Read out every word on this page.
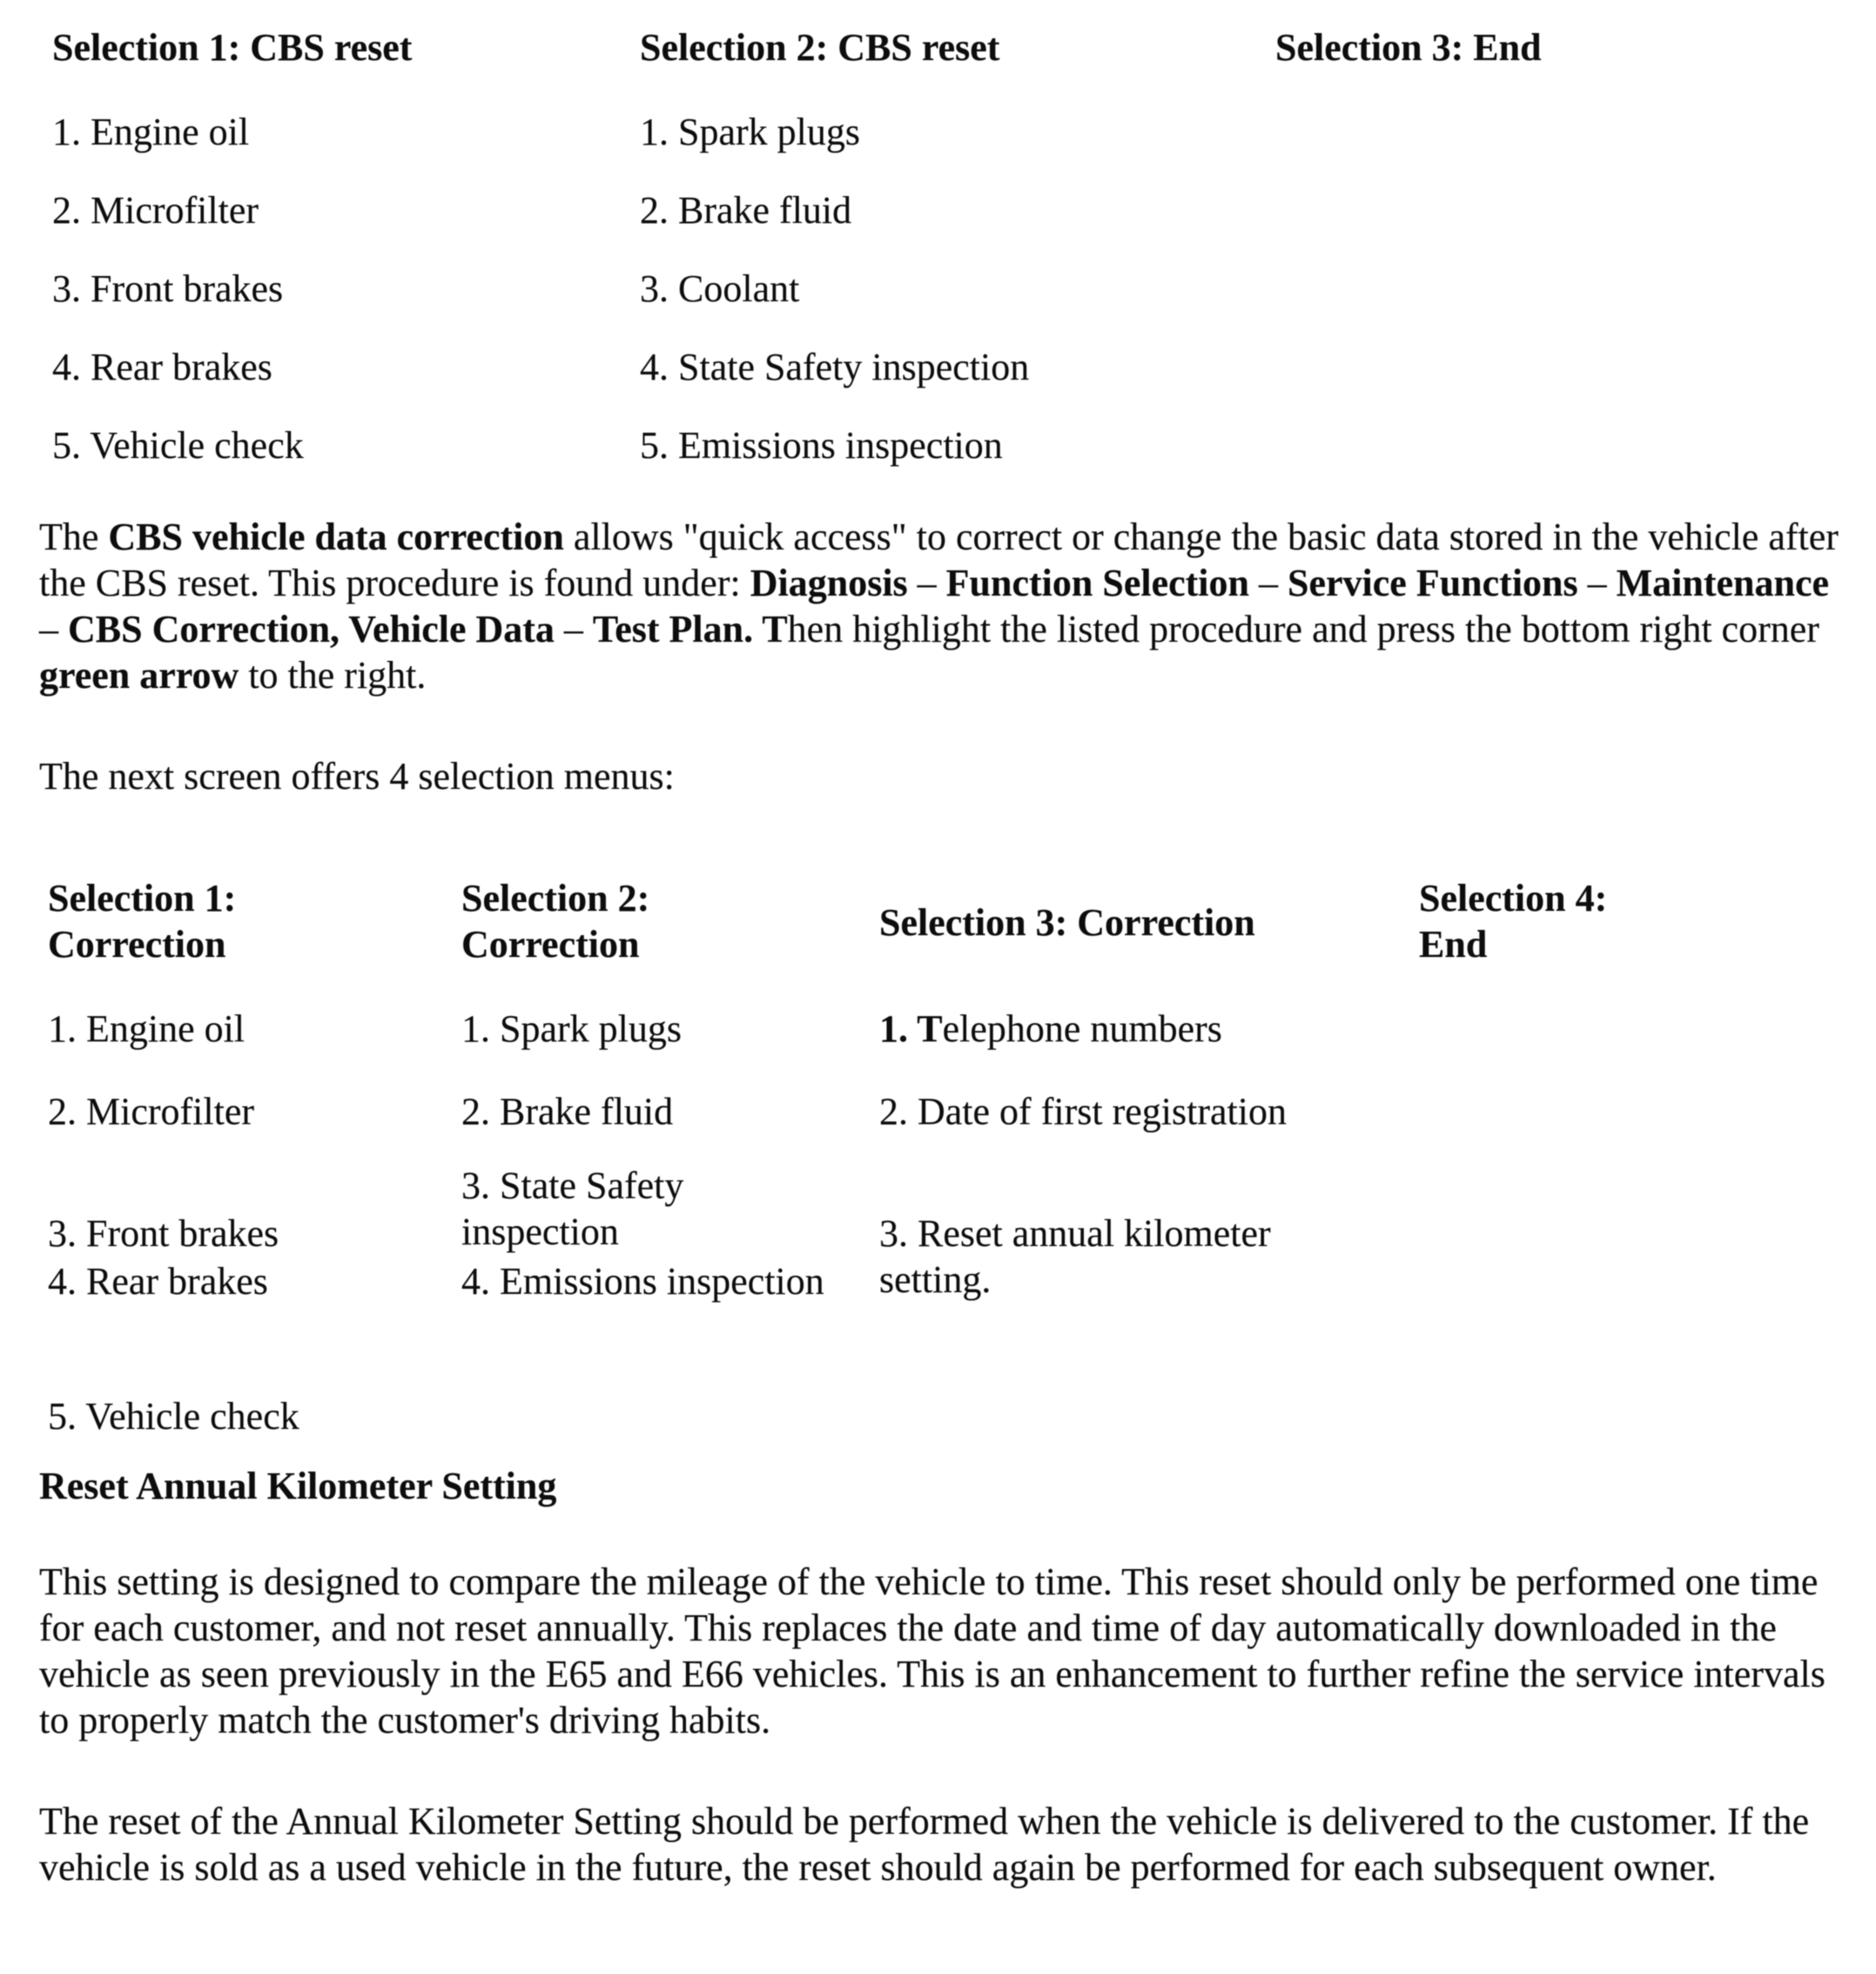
Selection 1: CBS reset
1. Engine oil
2. Microfilter
3. Front brakes
4. Rear brakes
5. Vehicle check
Selection 2: CBS reset
1. Spark plugs
2. Brake fluid
3. Coolant
4. State Safety inspection
5. Emissions inspection
Selection 3: End

The CBS vehicle data correction allows "quick access" to correct or change the basic data stored in the vehicle after the CBS reset. This procedure is found under: Diagnosis – Function Selection – Service Functions – Maintenance – CBS Correction, Vehicle Data – Test Plan. Then highlight the listed procedure and press the bottom right corner green arrow to the right.

The next screen offers 4 selection menus:

Selection 1:
Correction
1. Engine oil
2. Microfilter
3. Front brakes
4. Rear brakes
5. Vehicle check
Selection 2:
Correction
1. Spark plugs
2. Brake fluid
3. State Safety inspection
4. Emissions inspection
Selection 3: Correction
1. Telephone numbers
2. Date of first registration
3. Reset annual kilometer setting.
Selection 4:
End
Reset Annual Kilometer Setting

This setting is designed to compare the mileage of the vehicle to time. This reset should only be performed one time for each customer, and not reset annually. This replaces the date and time of day automatically downloaded in the vehicle as seen previously in the E65 and E66 vehicles. This is an enhancement to further refine the service intervals to properly match the customer's driving habits.

The reset of the Annual Kilometer Setting should be performed when the vehicle is delivered to the customer. If the vehicle is sold as a used vehicle in the future, the reset should again be performed for each subsequent owner.
